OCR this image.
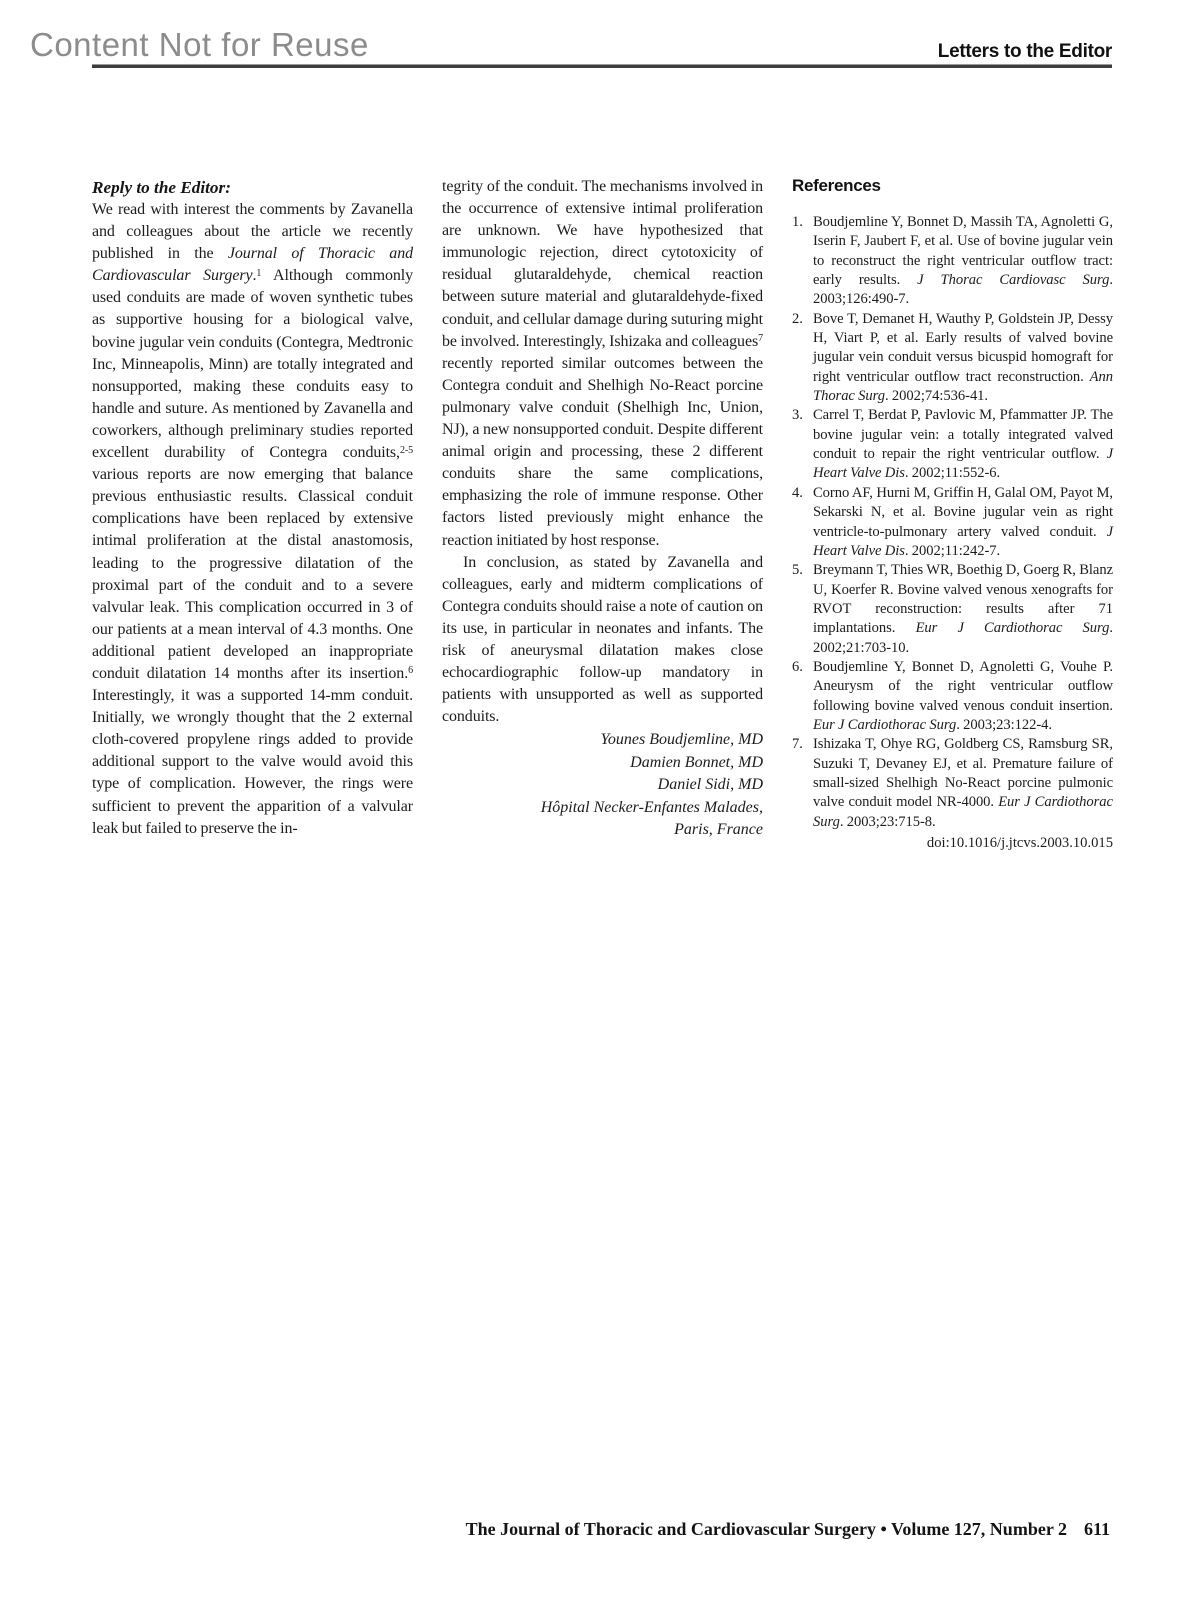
Content Not for Reuse	Letters to the Editor
Reply to the Editor:

We read with interest the comments by Zavanella and colleagues about the article we recently published in the Journal of Thoracic and Cardiovascular Surgery.$^1$ Although commonly used conduits are made of woven synthetic tubes as supportive housing for a biological valve, bovine jugular vein conduits (Contegra, Medtronic Inc, Minneapolis, Minn) are totally integrated and nonsupported, making these conduits easy to handle and suture. As mentioned by Zavanella and coworkers, although preliminary studies reported excellent durability of Contegra conduits,$^{2-5}$ various reports are now emerging that balance previous enthusiastic results. Classical conduit complications have been replaced by extensive intimal proliferation at the distal anastomosis, leading to the progressive dilatation of the proximal part of the conduit and to a severe valvular leak. This complication occurred in 3 of our patients at a mean interval of 4.3 months. One additional patient developed an inappropriate conduit dilatation 14 months after its insertion.$^6$ Interestingly, it was a supported 14-mm conduit. Initially, we wrongly thought that the 2 external cloth-covered propylene rings added to provide additional support to the valve would avoid this type of complication. However, the rings were sufficient to prevent the apparition of a valvular leak but failed to preserve the in-

tegrity of the conduit. The mechanisms involved in the occurrence of extensive intimal proliferation are unknown. We have hypothesized that immunologic rejection, direct cytotoxicity of residual glutaraldehyde, chemical reaction between suture material and glutaraldehyde-fixed conduit, and cellular damage during suturing might be involved. Interestingly, Ishizaka and colleagues$^7$ recently reported similar outcomes between the Contegra conduit and Shelhigh No-React porcine pulmonary valve conduit (Shelhigh Inc, Union, NJ), a new nonsupported conduit. Despite different animal origin and processing, these 2 different conduits share the same complications, emphasizing the role of immune response. Other factors listed previously might enhance the reaction initiated by host response.

In conclusion, as stated by Zavanella and colleagues, early and midterm complications of Contegra conduits should raise a note of caution on its use, in particular in neonates and infants. The risk of aneurysmal dilatation makes close echocardiographic follow-up mandatory in patients with unsupported as well as supported conduits.

Younes Boudjemline, MD
Damien Bonnet, MD
Daniel Sidi, MD
Hôpital Necker-Enfantes Malades,
Paris, France
References
1. Boudjemline Y, Bonnet D, Massih TA, Agnoletti G, Iserin F, Jaubert F, et al. Use of bovine jugular vein to reconstruct the right ventricular outflow tract: early results. J Thorac Cardiovasc Surg. 2003;126:490-7.
2. Bove T, Demanet H, Wauthy P, Goldstein JP, Dessy H, Viart P, et al. Early results of valved bovine jugular vein conduit versus bicuspid homograft for right ventricular outflow tract reconstruction. Ann Thorac Surg. 2002;74:536-41.
3. Carrel T, Berdat P, Pavlovic M, Pfammatter JP. The bovine jugular vein: a totally integrated valved conduit to repair the right ventricular outflow. J Heart Valve Dis. 2002;11:552-6.
4. Corno AF, Hurni M, Griffin H, Galal OM, Payot M, Sekarski N, et al. Bovine jugular vein as right ventricle-to-pulmonary artery valved conduit. J Heart Valve Dis. 2002;11:242-7.
5. Breymann T, Thies WR, Boethig D, Goerg R, Blanz U, Koerfer R. Bovine valved venous xenografts for RVOT reconstruction: results after 71 implantations. Eur J Cardiothorac Surg. 2002;21:703-10.
6. Boudjemline Y, Bonnet D, Agnoletti G, Vouhe P. Aneurysm of the right ventricular outflow following bovine valved venous conduit insertion. Eur J Cardiothorac Surg. 2003;23:122-4.
7. Ishizaka T, Ohye RG, Goldberg CS, Ramsburg SR, Suzuki T, Devaney EJ, et al. Premature failure of small-sized Shelhigh No-React porcine pulmonic valve conduit model NR-4000. Eur J Cardiothorac Surg. 2003;23:715-8.
doi:10.1016/j.jtcvs.2003.10.015
The Journal of Thoracic and Cardiovascular Surgery • Volume 127, Number 2 611
